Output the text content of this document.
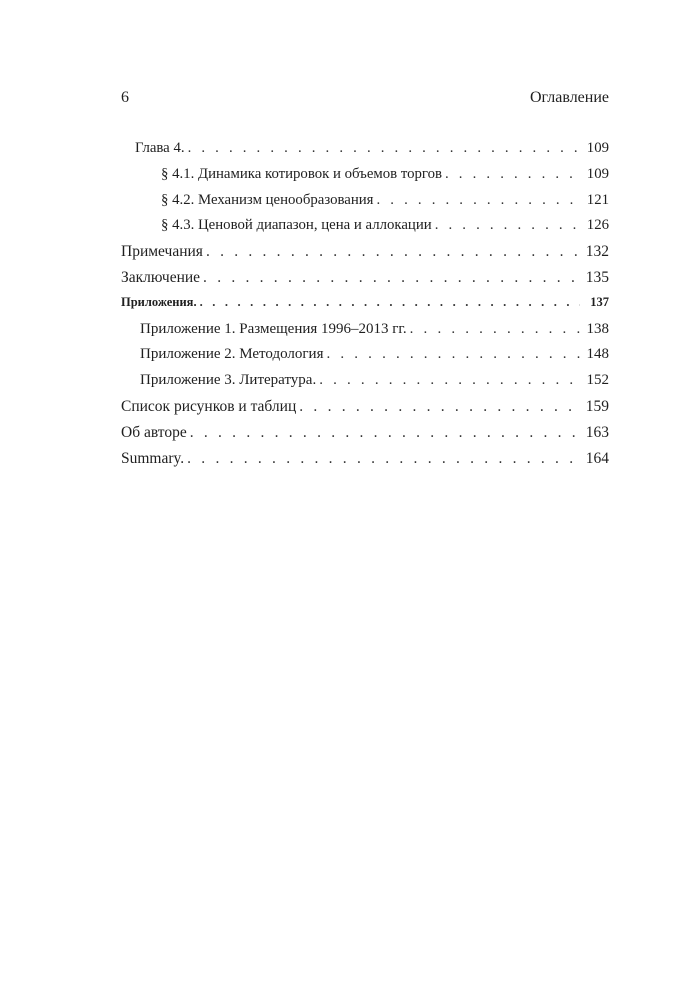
6	Оглавление
Глава 4. . . .	109
§ 4.1. Динамика котировок и объемов торгов . . .	109
§ 4.2. Механизм ценообразования . . .	121
§ 4.3. Ценовой диапазон, цена и аллокации . . .	126
Примечания . . .	132
Заключение . . .	135
Приложения. . . .	137
Приложение 1. Размещения 1996–2013 гг. . . .	138
Приложение 2. Методология . . .	148
Приложение 3. Литература. . . .	152
Список рисунков и таблиц . . .	159
Об авторе . . .	163
Summary. . . .	164
